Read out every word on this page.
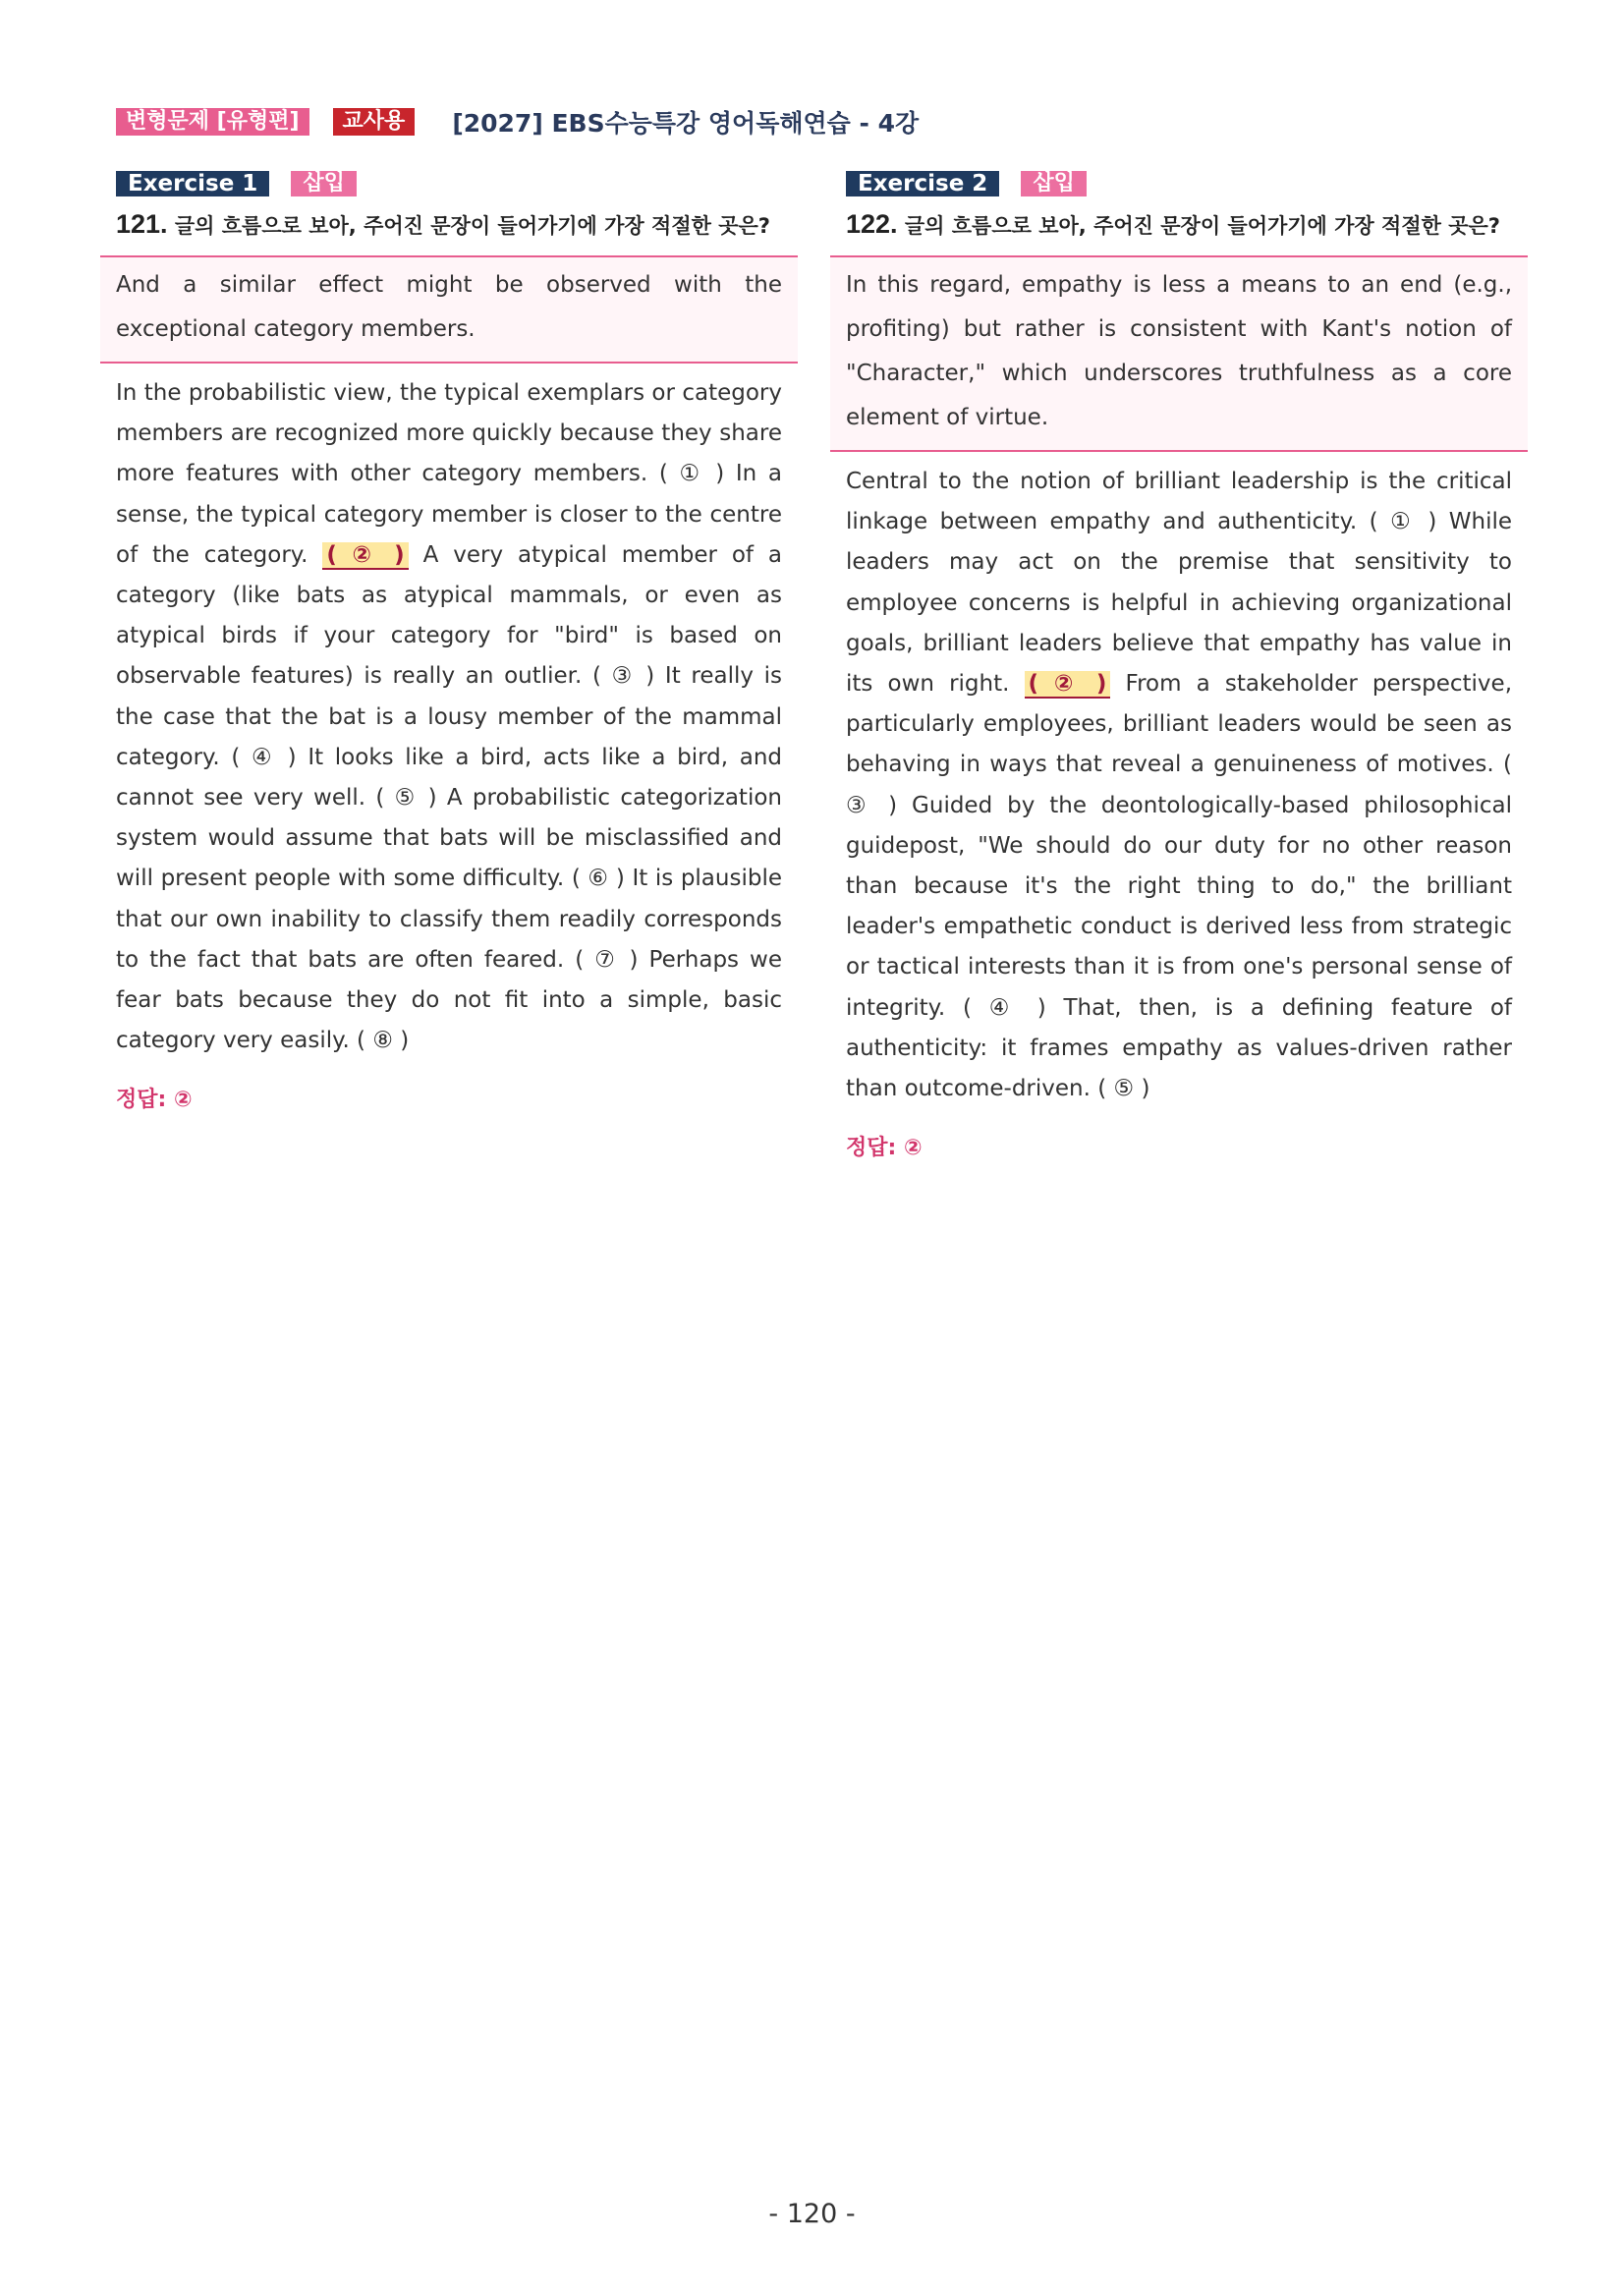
변형문제 [유형편]	교사용	[2027] EBS수능특강 영어독해연습 - 4강
Exercise 1	삽입
121. 글의 흐름으로 보아, 주어진 문장이 들어가기에 가장 적절한 곳은?
And a similar effect might be observed with the exceptional category members.
In the probabilistic view, the typical exemplars or category members are recognized more quickly because they share more features with other category members. ( ① ) In a sense, the typical category member is closer to the centre of the category. ( ② ) A very atypical member of a category (like bats as atypical mammals, or even as atypical birds if your category for "bird" is based on observable features) is really an outlier. ( ③ ) It really is the case that the bat is a lousy member of the mammal category. ( ④ ) It looks like a bird, acts like a bird, and cannot see very well. ( ⑤ ) A probabilistic categorization system would assume that bats will be misclassified and will present people with some difficulty. ( ⑥ ) It is plausible that our own inability to classify them readily corresponds to the fact that bats are often feared. ( ⑦ ) Perhaps we fear bats because they do not fit into a simple, basic category very easily. ( ⑧ )
정답: ②
Exercise 2	삽입
122. 글의 흐름으로 보아, 주어진 문장이 들어가기에 가장 적절한 곳은?
In this regard, empathy is less a means to an end (e.g., profiting) but rather is consistent with Kant's notion of "Character," which underscores truthfulness as a core element of virtue.
Central to the notion of brilliant leadership is the critical linkage between empathy and authenticity. ( ① ) While leaders may act on the premise that sensitivity to employee concerns is helpful in achieving organizational goals, brilliant leaders believe that empathy has value in its own right. ( ② ) From a stakeholder perspective, particularly employees, brilliant leaders would be seen as behaving in ways that reveal a genuineness of motives. ( ③ ) Guided by the deontologically-based philosophical guidepost, "We should do our duty for no other reason than because it's the right thing to do," the brilliant leader's empathetic conduct is derived less from strategic or tactical interests than it is from one's personal sense of integrity. ( ④ ) That, then, is a defining feature of authenticity: it frames empathy as values-driven rather than outcome-driven. ( ⑤ )
정답: ②
- 120 -
